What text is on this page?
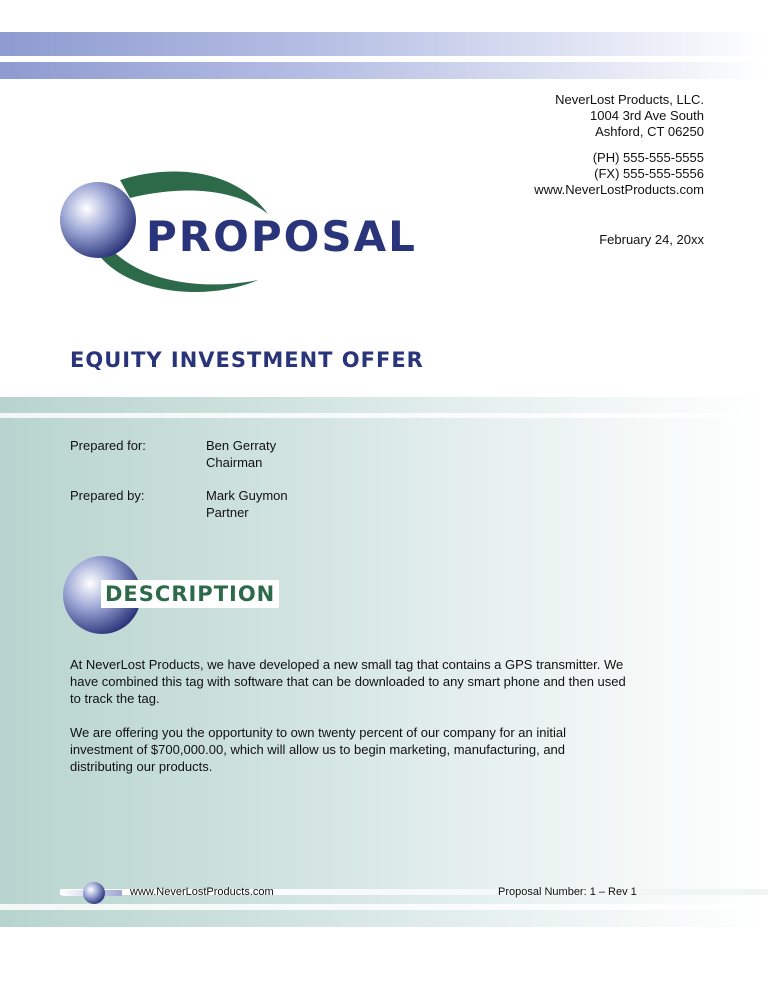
NeverLost Products, LLC.
1004 3rd Ave South
Ashford, CT 06250
(PH) 555-555-5555
(FX) 555-555-5556
www.NeverLostProducts.com
February 24, 20xx
PROPOSAL
EQUITY INVESTMENT OFFER
Prepared for:	Ben Gerraty
Chairman
Prepared by:	Mark Guymon
Partner
DESCRIPTION
At NeverLost Products, we have developed a new small tag that contains a GPS transmitter. We have combined this tag with software that can be downloaded to any smart phone and then used to track the tag.
We are offering you the opportunity to own twenty percent of our company for an initial investment of $700,000.00, which will allow us to begin marketing, manufacturing, and distributing our products.
www.NeverLostProducts.com	Proposal Number: 1 – Rev 1
